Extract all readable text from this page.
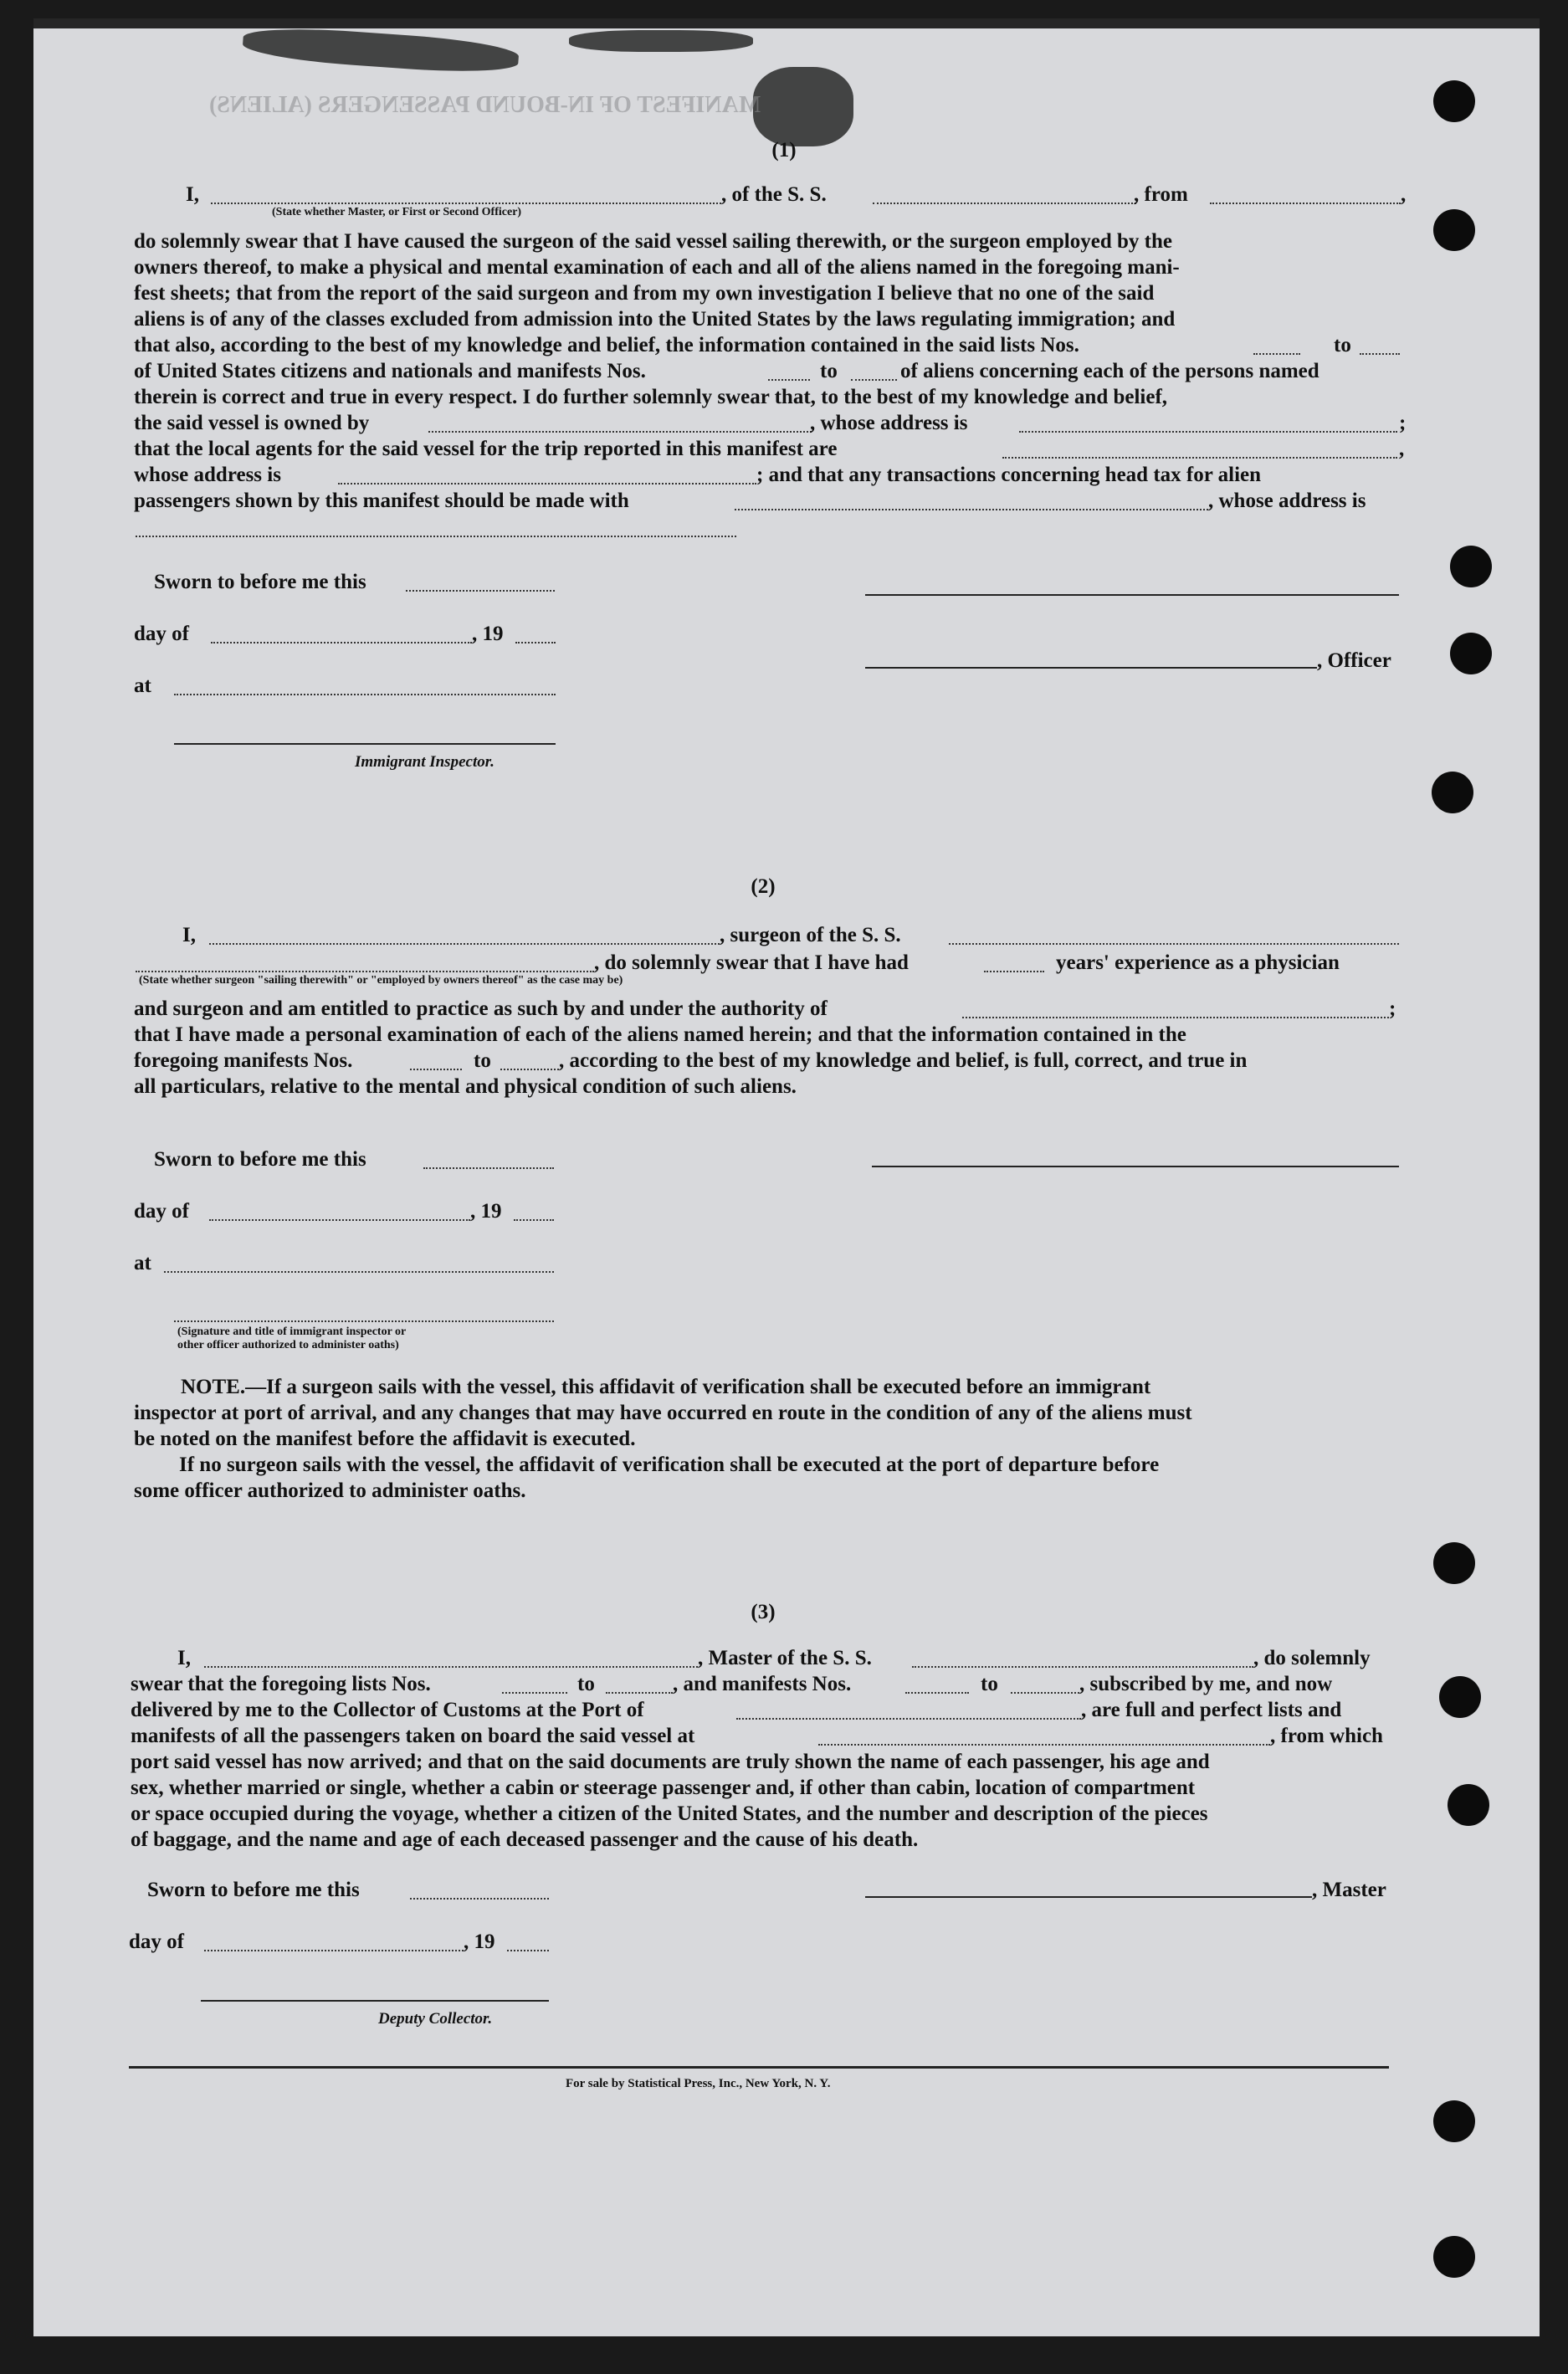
MANIFEST OF IN-BOUND PASSENGERS (ALIENS)
(1)
I,	, of the S. S.	, from	,
(State whether Master, or First or Second Officer)
do solemnly swear that I have caused the surgeon of the said vessel sailing therewith, or the surgeon employed by the
owners thereof, to make a physical and mental examination of each and all of the aliens named in the foregoing mani-
fest sheets; that from the report of the said surgeon and from my own investigation I believe that no one of the said
aliens is of any of the classes excluded from admission into the United States by the laws regulating immigration; and
that also, according to the best of my knowledge and belief, the information contained in the said lists Nos.	to
of United States citizens and nationals and manifests Nos.	to	of aliens concerning each of the persons named
therein is correct and true in every respect. I do further solemnly swear that, to the best of my knowledge and belief,
the said vessel is owned by	, whose address is	;
that the local agents for the said vessel for the trip reported in this manifest are	,
whose address is	; and that any transactions concerning head tax for alien
passengers shown by this manifest should be made with	, whose address is
Sworn to before me this
day of	, 19
, Officer
at
Immigrant Inspector.
(2)
I,	, surgeon of the S. S.
, do solemnly swear that I have had	years' experience as a physician
(State whether surgeon "sailing therewith" or "employed by owners thereof" as the case may be)
and surgeon and am entitled to practice as such by and under the authority of	;
that I have made a personal examination of each of the aliens named herein; and that the information contained in the
foregoing manifests Nos.	to	, according to the best of my knowledge and belief, is full, correct, and true in
all particulars, relative to the mental and physical condition of such aliens.
Sworn to before me this
day of	, 19
at
(Signature and title of immigrant inspector or
other officer authorized to administer oaths)
NOTE.—If a surgeon sails with the vessel, this affidavit of verification shall be executed before an immigrant
inspector at port of arrival, and any changes that may have occurred en route in the condition of any of the aliens must
be noted on the manifest before the affidavit is executed.
If no surgeon sails with the vessel, the affidavit of verification shall be executed at the port of departure before
some officer authorized to administer oaths.
(3)
I,	, Master of the S. S.	, do solemnly
swear that the foregoing lists Nos.	to	, and manifests Nos.	to	, subscribed by me, and now
delivered by me to the Collector of Customs at the Port of	, are full and perfect lists and
manifests of all the passengers taken on board the said vessel at	, from which
port said vessel has now arrived; and that on the said documents are truly shown the name of each passenger, his age and
sex, whether married or single, whether a cabin or steerage passenger and, if other than cabin, location of compartment
or space occupied during the voyage, whether a citizen of the United States, and the number and description of the pieces
of baggage, and the name and age of each deceased passenger and the cause of his death.
Sworn to before me this	, Master
day of	, 19
Deputy Collector.
For sale by Statistical Press, Inc., New York, N. Y.
